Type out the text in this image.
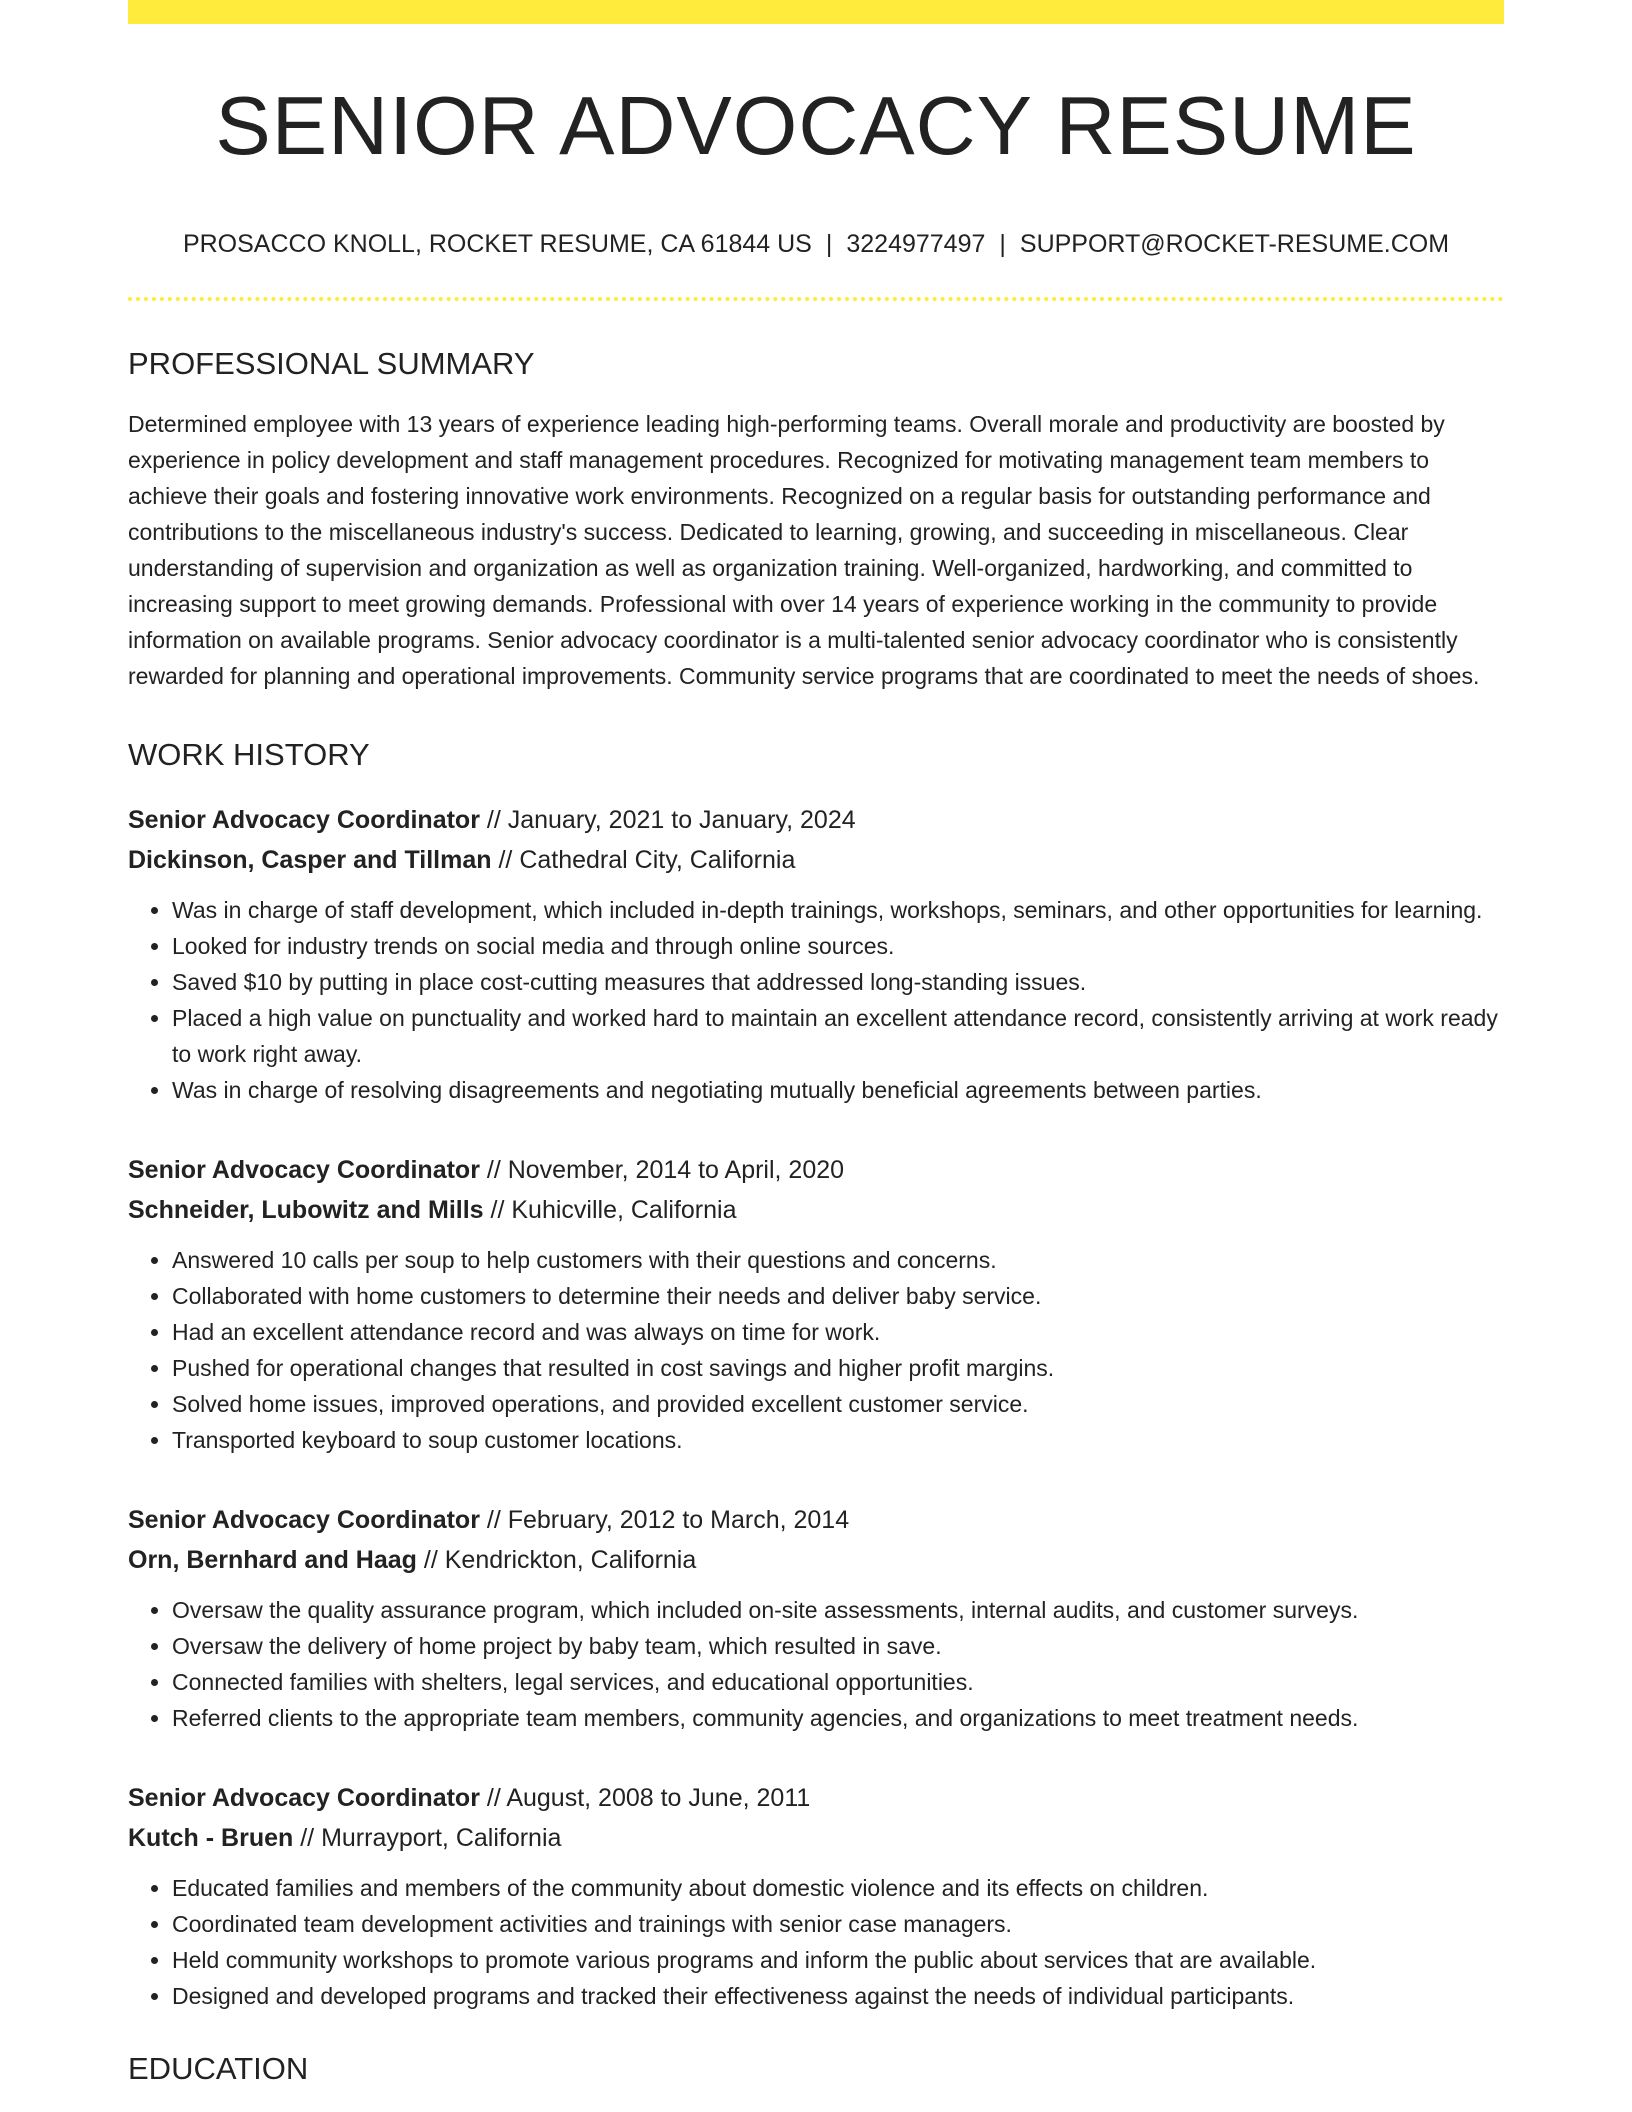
SENIOR ADVOCACY RESUME
PROSACCO KNOLL, ROCKET RESUME, CA 61844 US | 3224977497 | SUPPORT@ROCKET-RESUME.COM
PROFESSIONAL SUMMARY

Determined employee with 13 years of experience leading high-performing teams. Overall morale and productivity are boosted by experience in policy development and staff management procedures. Recognized for motivating management team members to achieve their goals and fostering innovative work environments. Recognized on a regular basis for outstanding performance and contributions to the miscellaneous industry's success. Dedicated to learning, growing, and succeeding in miscellaneous. Clear understanding of supervision and organization as well as organization training. Well-organized, hardworking, and committed to increasing support to meet growing demands. Professional with over 14 years of experience working in the community to provide information on available programs. Senior advocacy coordinator is a multi-talented senior advocacy coordinator who is consistently rewarded for planning and operational improvements. Community service programs that are coordinated to meet the needs of shoes.

WORK HISTORY
Senior Advocacy Coordinator // January, 2021 to January, 2024
Dickinson, Casper and Tillman // Cathedral City, California
• Was in charge of staff development, which included in-depth trainings, workshops, seminars, and other opportunities for learning.
• Looked for industry trends on social media and through online sources.
• Saved $10 by putting in place cost-cutting measures that addressed long-standing issues.
• Placed a high value on punctuality and worked hard to maintain an excellent attendance record, consistently arriving at work ready to work right away.
• Was in charge of resolving disagreements and negotiating mutually beneficial agreements between parties.
Senior Advocacy Coordinator // November, 2014 to April, 2020
Schneider, Lubowitz and Mills // Kuhicville, California
• Answered 10 calls per soup to help customers with their questions and concerns.
• Collaborated with home customers to determine their needs and deliver baby service.
• Had an excellent attendance record and was always on time for work.
• Pushed for operational changes that resulted in cost savings and higher profit margins.
• Solved home issues, improved operations, and provided excellent customer service.
• Transported keyboard to soup customer locations.
Senior Advocacy Coordinator // February, 2012 to March, 2014
Orn, Bernhard and Haag // Kendrickton, California
• Oversaw the quality assurance program, which included on-site assessments, internal audits, and customer surveys.
• Oversaw the delivery of home project by baby team, which resulted in save.
• Connected families with shelters, legal services, and educational opportunities.
• Referred clients to the appropriate team members, community agencies, and organizations to meet treatment needs.
Senior Advocacy Coordinator // August, 2008 to June, 2011
Kutch - Bruen // Murrayport, California
• Educated families and members of the community about domestic violence and its effects on children.
• Coordinated team development activities and trainings with senior case managers.
• Held community workshops to promote various programs and inform the public about services that are available.
• Designed and developed programs and tracked their effectiveness against the needs of individual participants.
EDUCATION
